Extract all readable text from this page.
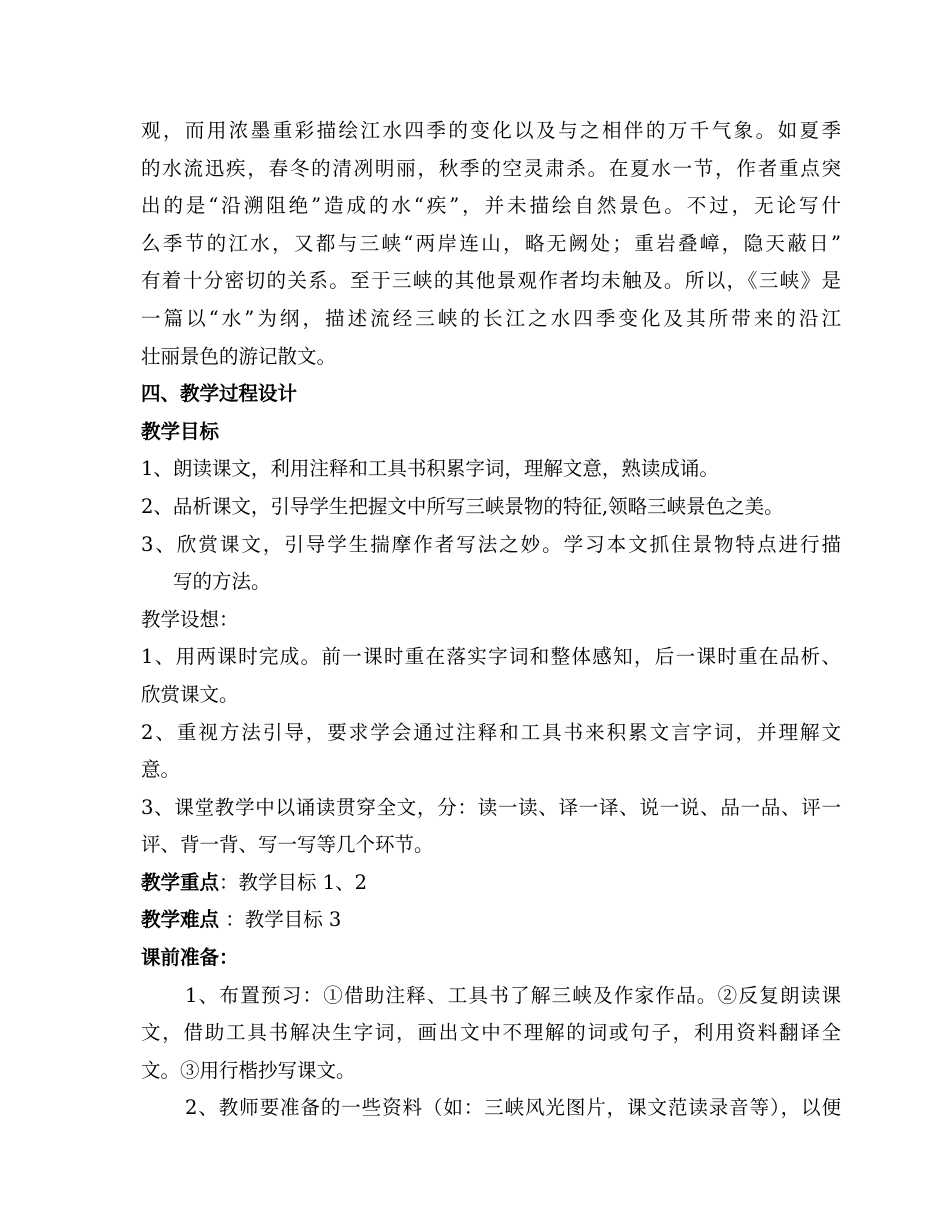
观，而用浓墨重彩描绘江水四季的变化以及与之相伴的万千气象。如夏季
的水流迅疾，春冬的清冽明丽，秋季的空灵肃杀。在夏水一节，作者重点突
出的是“沿溯阻绝”造成的水“疾”，并未描绘自然景色。不过，无论写什
么季节的江水，又都与三峡“两岸连山，略无阙处；重岩叠嶂，隐天蔽日”
有着十分密切的关系。至于三峡的其他景观作者均未触及。所以，《三峡》是
一篇以“水”为纲，描述流经三峡的长江之水四季变化及其所带来的沿江
壮丽景色的游记散文。
四、教学过程设计
教学目标
1、朗读课文，利用注释和工具书积累字词，理解文意，熟读成诵。
2、品析课文，引导学生把握文中所写三峡景物的特征,领略三峡景色之美。
3、欣赏课文，引导学生揣摩作者写法之妙。学习本文抓住景物特点进行描
写的方法。
教学设想：
1、用两课时完成。前一课时重在落实字词和整体感知，后一课时重在品析、
欣赏课文。
2、重视方法引导，要求学会通过注释和工具书来积累文言字词，并理解文
意。
3、课堂教学中以诵读贯穿全文，分：读一读、译一译、说一说、品一品、评一
评、背一背、写一写等几个环节。
教学重点：教学目标 1、2
教学难点 ：教学目标 3
课前准备：
1、布置预习：①借助注释、工具书了解三峡及作家作品。②反复朗读课
文，借助工具书解决生字词，画出文中不理解的词或句子，利用资料翻译全
文。③用行楷抄写课文。
2、教师要准备的一些资料（如：三峡风光图片，课文范读录音等），以便
